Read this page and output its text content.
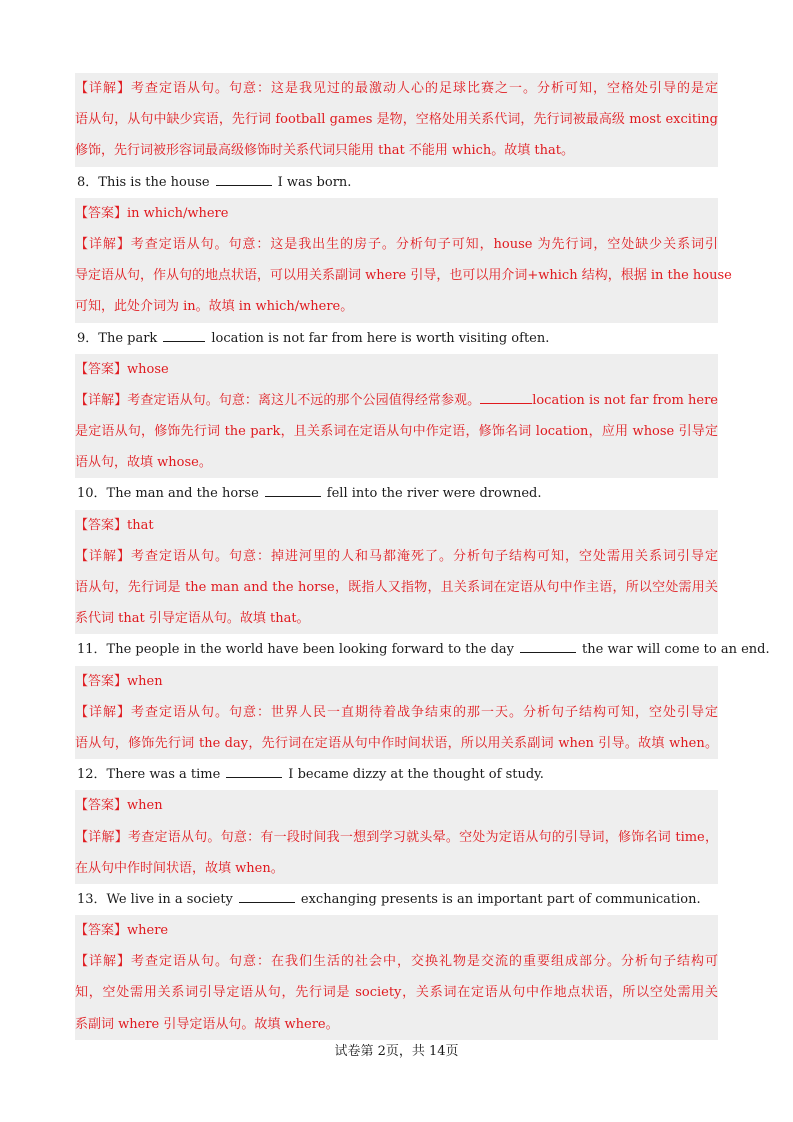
【详解】考查定语从句。句意：这是我见过的最激动人心的足球比赛之一。分析可知，空格处引导的是定
语从句，从句中缺少宾语，先行词 football games 是物，空格处用关系代词，先行词被最高级 most exciting
修饰，先行词被形容词最高级修饰时关系代词只能用 that 不能用 which。故填 that。
8．This is the house	I was born.
【答案】in which/where
【详解】考查定语从句。句意：这是我出生的房子。分析句子可知，house 为先行词，空处缺少关系词引
导定语从句，作从句的地点状语，可以用关系副词 where 引导，也可以用介词+which 结构，根据 in the house
可知，此处介词为 in。故填 in which/where。
9．The park	location is not far from here is worth visiting often.
【答案】whose
【详解】考查定语从句。句意：离这儿不远的那个公园值得经常参观。	location is not far from here
是定语从句，修饰先行词 the park，且关系词在定语从句中作定语，修饰名词 location，应用 whose 引导定
语从句，故填 whose。
10．The man and the horse	fell into the river were drowned.
【答案】that
【详解】考查定语从句。句意：掉进河里的人和马都淹死了。分析句子结构可知，空处需用关系词引导定
语从句，先行词是 the man and the horse，既指人又指物，且关系词在定语从句中作主语，所以空处需用关
系代词 that 引导定语从句。故填 that。
11．The people in the world have been looking forward to the day	the war will come to an end.
【答案】when
【详解】考查定语从句。句意：世界人民一直期待着战争结束的那一天。分析句子结构可知，空处引导定
语从句，修饰先行词 the day，先行词在定语从句中作时间状语，所以用关系副词 when 引导。故填 when。
12．There was a time	I became dizzy at the thought of study.
【答案】when
【详解】考查定语从句。句意：有一段时间我一想到学习就头晕。空处为定语从句的引导词，修饰名词 time，
在从句中作时间状语，故填 when。
13．We live in a society	exchanging presents is an important part of communication.
【答案】where
【详解】考查定语从句。句意：在我们生活的社会中，交换礼物是交流的重要组成部分。分析句子结构可
知，空处需用关系词引导定语从句，先行词是 society，关系词在定语从句中作地点状语，所以空处需用关
系副词 where 引导定语从句。故填 where。
试卷第 2页，共 14页
